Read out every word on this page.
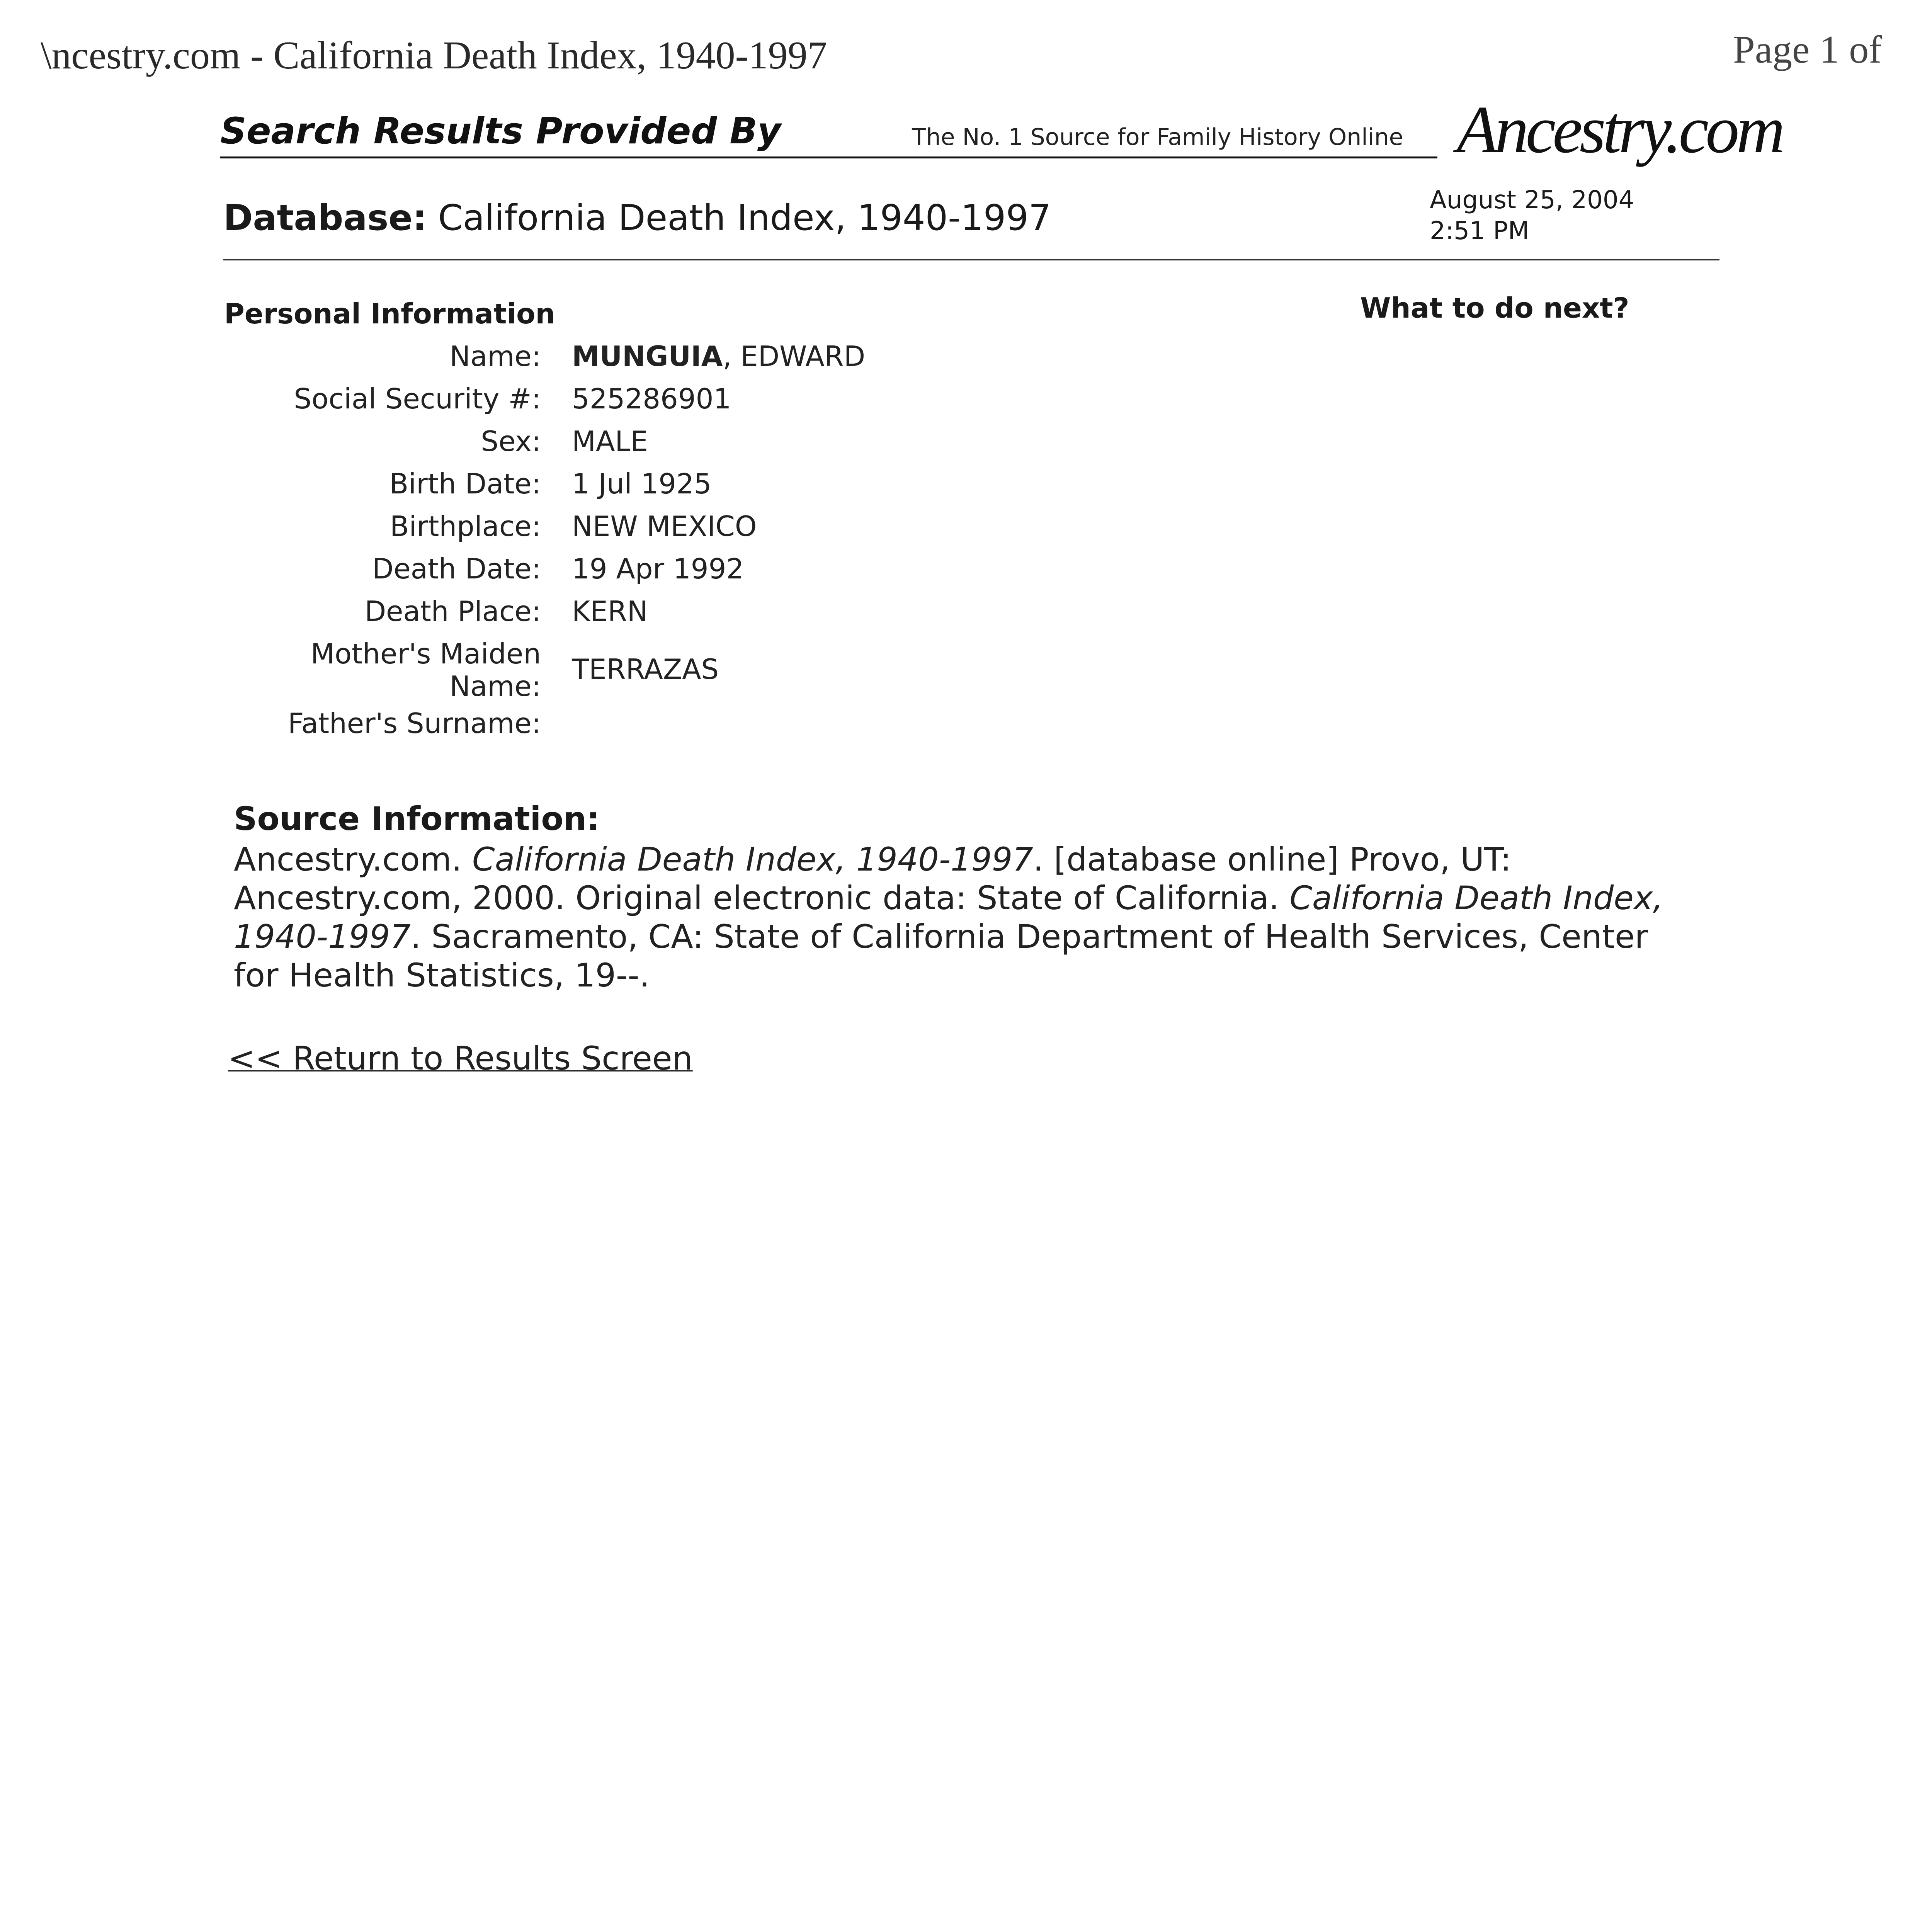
\ncestry.com - California Death Index, 1940-1997	Page 1 of
Search Results Provided By	The No. 1 Source for Family History Online Ancestry.com
Database: California Death Index, 1940-1997	August 25, 2004
2:51 PM
Personal Information	What to do next?
Name: MUNGUIA, EDWARD
Social Security #: 525286901
Sex: MALE
Birth Date: 1 Jul 1925
Birthplace: NEW MEXICO
Death Date: 19 Apr 1992
Death Place: KERN
Mother's Maiden
Name:
TERRAZAS
Father's Surname:
Source Information:
Ancestry.com. California Death Index, 1940-1997. [database online] Provo, UT: Ancestry.com, 2000. Original electronic data: State of California. California Death Index, 1940-1997. Sacramento, CA: State of California Department of Health Services, Center for Health Statistics, 19--.
<< Return to Results Screen
